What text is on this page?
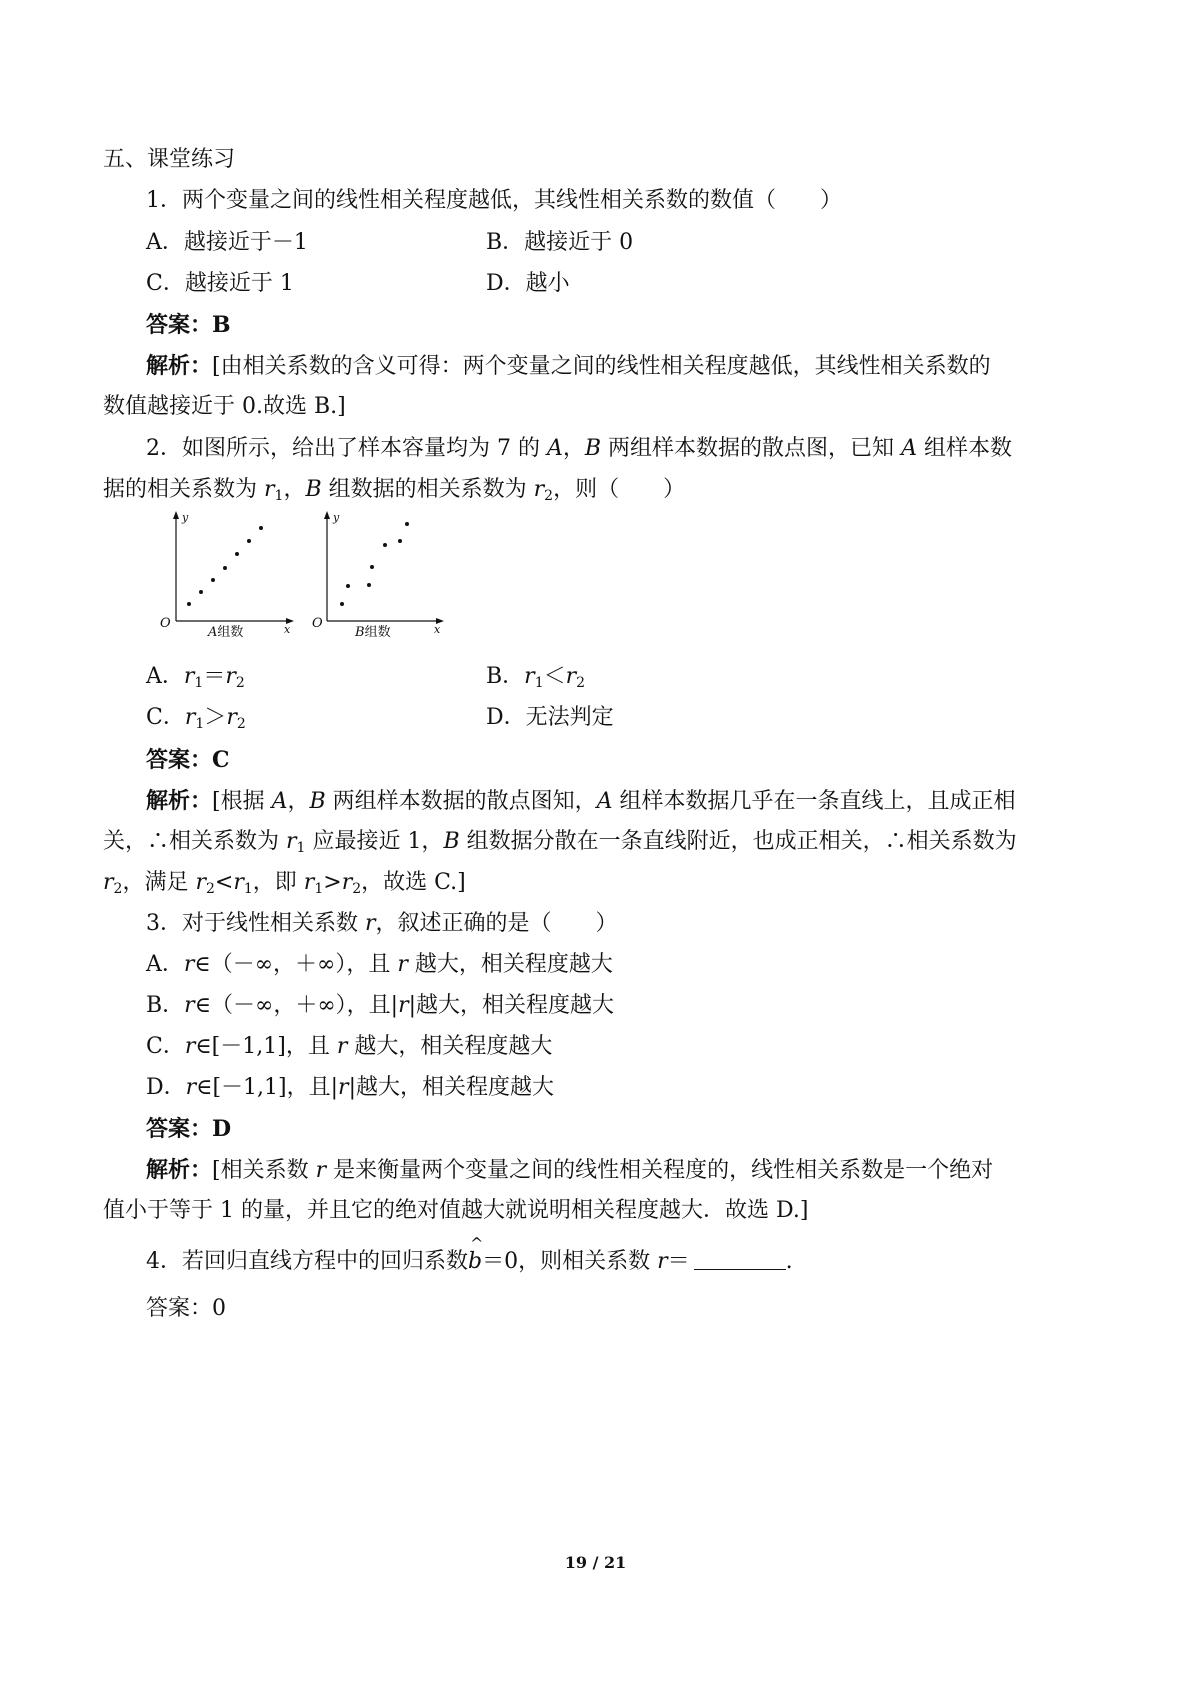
五、课堂练习
1．两个变量之间的线性相关程度越低，其线性相关系数的数值（　　）
A．越接近于－1	B．越接近于 0
C．越接近于 1	D．越小
答案：B
解析：[由相关系数的含义可得：两个变量之间的线性相关程度越低，其线性相关系数的
数值越接近于 0.故选 B.]
2．如图所示，给出了样本容量均为 7 的 A，B 两组样本数据的散点图，已知 A 组样本数
据的相关系数为 $r_1$，B 组数据的相关系数为 $r_2$，则（　　）
y
x
O
A组数
y
x
O
B组数
A．$r_1=r_2$	B．$r_1<r_2$
C．$r_1>r_2$	D．无法判定
答案：C
解析：[根据 A，B 两组样本数据的散点图知，A 组样本数据几乎在一条直线上，且成正相
关，∴相关系数为 $r_1$ 应最接近 1，B 组数据分散在一条直线附近，也成正相关，∴相关系数为
$r_2$，满足 $r_2<r_1$，即 $r_1>r_2$，故选 C.]
3．对于线性相关系数 r，叙述正确的是（　　）
A．r∈（－∞，＋∞），且 r 越大，相关程度越大
B．r∈（－∞，＋∞），且|r|越大，相关程度越大
C．r∈[－1,1]，且 r 越大，相关程度越大
D．r∈[－1,1]，且|r|越大，相关程度越大
答案：D
解析：[相关系数 r 是来衡量两个变量之间的线性相关程度的，线性相关系数是一个绝对
值小于等于 1 的量，并且它的绝对值越大就说明相关程度越大．故选 D.]
4．若回归直线方程中的回归系数
^
b＝0，则相关系数 r＝	.
答案：0
19 / 21
